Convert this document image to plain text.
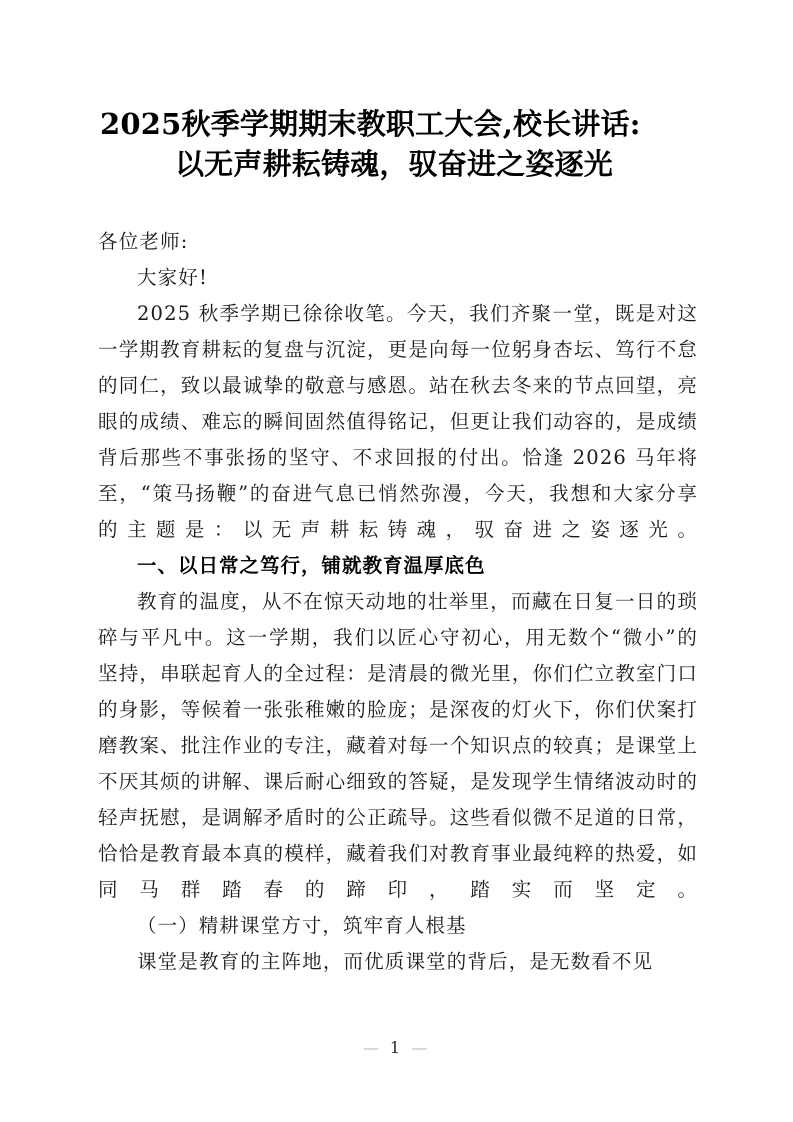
2025秋季学期期末教职工大会,校长讲话:
以无声耕耘铸魂，驭奋进之姿逐光

各位老师:

大家好!

2025 秋季学期已徐徐收笔。今天，我们齐聚一堂，既是对这一学期教育耕耘的复盘与沉淀，更是向每一位躬身杏坛、笃行不怠的同仁，致以最诚挚的敬意与感恩。站在秋去冬来的节点回望，亮眼的成绩、难忘的瞬间固然值得铭记，但更让我们动容的，是成绩背后那些不事张扬的坚守、不求回报的付出。恰逢 2026 马年将至，“策马扬鞭”的奋进气息已悄然弥漫，今天，我想和大家分享的主题是：以无声耕耘铸魂，驭奋进之姿逐光。

一、以日常之笃行，铺就教育温厚底色

教育的温度，从不在惊天动地的壮举里，而藏在日复一日的琐碎与平凡中。这一学期，我们以匠心守初心，用无数个“微小”的坚持，串联起育人的全过程：是清晨的微光里，你们伫立教室门口的身影，等候着一张张稚嫩的脸庞；是深夜的灯火下，你们伏案打磨教案、批注作业的专注，藏着对每一个知识点的较真；是课堂上不厌其烦的讲解、课后耐心细致的答疑，是发现学生情绪波动时的轻声抚慰，是调解矛盾时的公正疏导。这些看似微不足道的日常，恰恰是教育最本真的模样，藏着我们对教育事业最纯粹的热爱，如同马群踏春的蹄印，踏实而坚定。

（一）精耕课堂方寸，筑牢育人根基

课堂是教育的主阵地，而优质课堂的背后，是无数看不见

— 1 —
